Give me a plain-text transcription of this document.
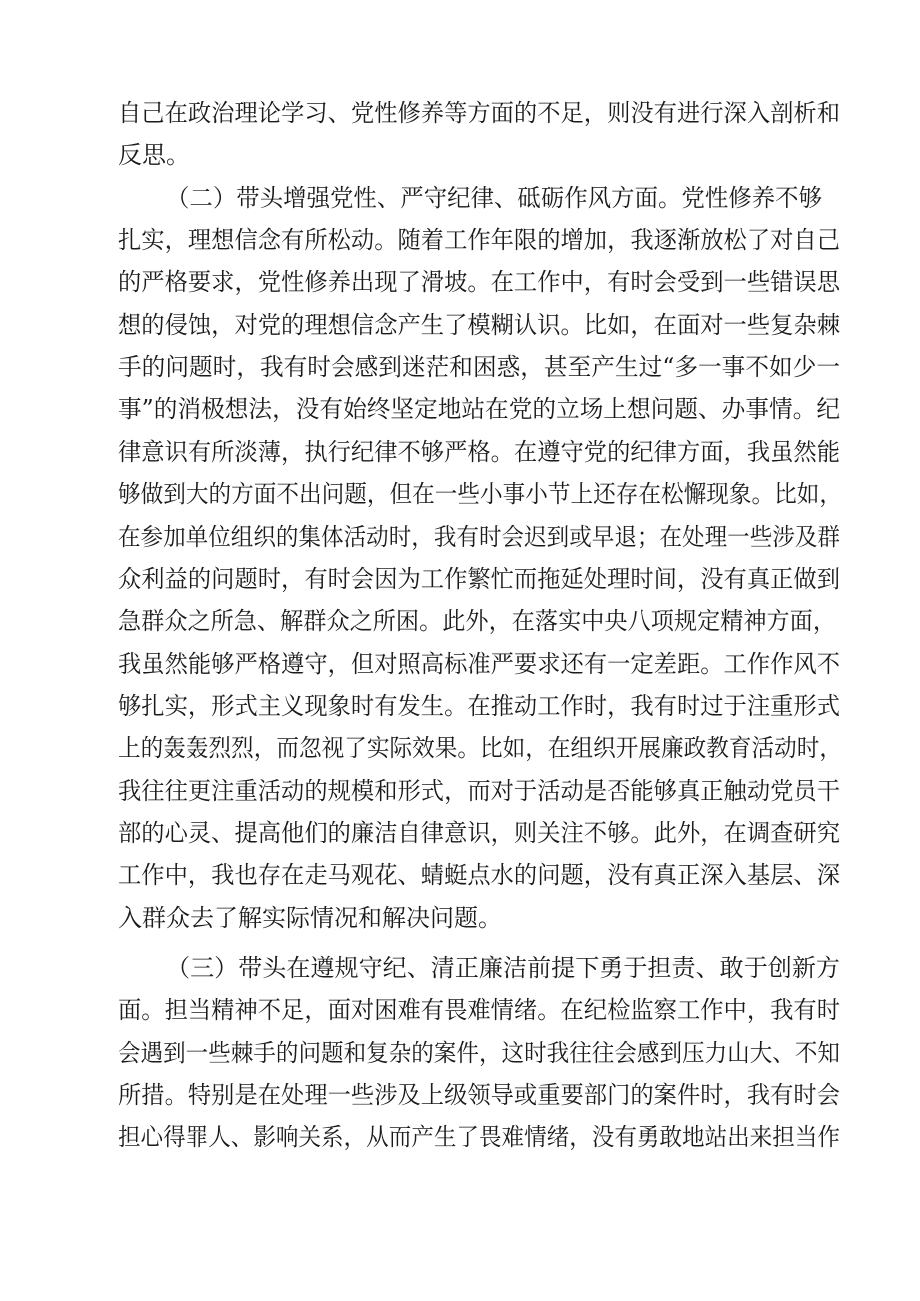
自己在政治理论学习、党性修养等方面的不足，则没有进行深入剖析和
反思。
（二）带头增强党性、严守纪律、砥砺作风方面。党性修养不够
扎实，理想信念有所松动。随着工作年限的增加，我逐渐放松了对自己
的严格要求，党性修养出现了滑坡。在工作中，有时会受到一些错误思
想的侵蚀，对党的理想信念产生了模糊认识。比如，在面对一些复杂棘
手的问题时，我有时会感到迷茫和困惑，甚至产生过“多一事不如少一
事”的消极想法，没有始终坚定地站在党的立场上想问题、办事情。纪
律意识有所淡薄，执行纪律不够严格。在遵守党的纪律方面，我虽然能
够做到大的方面不出问题，但在一些小事小节上还存在松懈现象。比如，
在参加单位组织的集体活动时，我有时会迟到或早退；在处理一些涉及群
众利益的问题时，有时会因为工作繁忙而拖延处理时间，没有真正做到
急群众之所急、解群众之所困。此外，在落实中央八项规定精神方面，
我虽然能够严格遵守，但对照高标准严要求还有一定差距。工作作风不
够扎实，形式主义现象时有发生。在推动工作时，我有时过于注重形式
上的轰轰烈烈，而忽视了实际效果。比如，在组织开展廉政教育活动时，
我往往更注重活动的规模和形式，而对于活动是否能够真正触动党员干
部的心灵、提高他们的廉洁自律意识，则关注不够。此外，在调查研究
工作中，我也存在走马观花、蜻蜓点水的问题，没有真正深入基层、深
入群众去了解实际情况和解决问题。
（三）带头在遵规守纪、清正廉洁前提下勇于担责、敢于创新方
面。担当精神不足，面对困难有畏难情绪。在纪检监察工作中，我有时
会遇到一些棘手的问题和复杂的案件，这时我往往会感到压力山大、不知
所措。特别是在处理一些涉及上级领导或重要部门的案件时，我有时会
担心得罪人、影响关系，从而产生了畏难情绪，没有勇敢地站出来担当作
